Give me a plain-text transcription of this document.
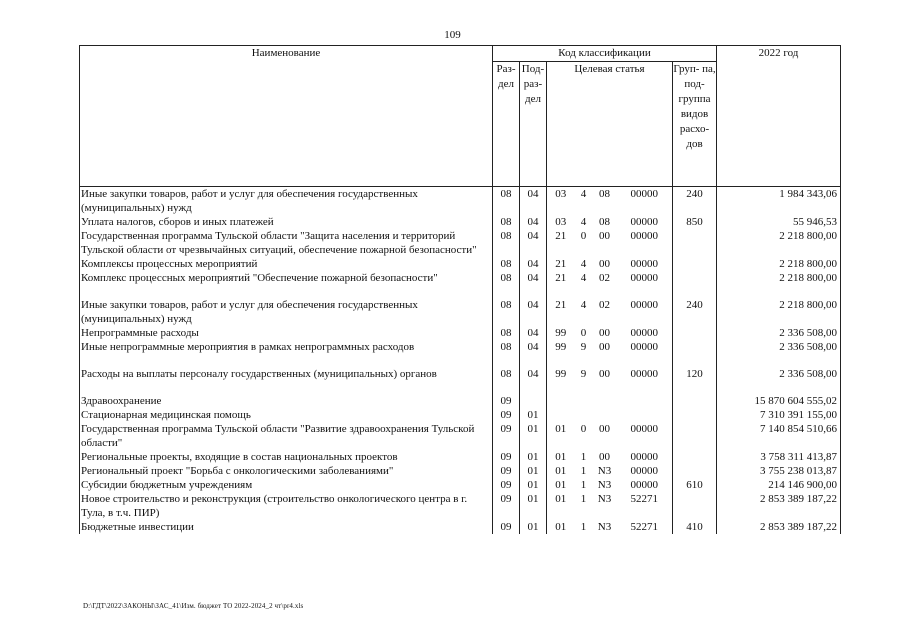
109
Наименование	Код классификации							2022 год
	Раз- дел	Под- раз- дел	Целевая статья				Груп- па, под- группа видов расхо- дов	
Иные закупки товаров, работ и услуг для обеспечения государственных (муниципальных) нужд	08	04	03	4	08	00000	240	1 984 343,06
Уплата налогов, сборов и иных платежей	08	04	03	4	08	00000	850	55 946,53
Государственная программа Тульской области "Защита населения и территорий Тульской области от чрезвычайных ситуаций, обеспечение пожарной безопасности"	08	04	21	0	00	00000		2 218 800,00
Комплексы процессных мероприятий	08	04	21	4	00	00000		2 218 800,00
Комплекс процессных мероприятий "Обеспечение пожарной безопасности"	08	04	21	4	02	00000		2 218 800,00

Иные закупки товаров, работ и услуг для обеспечения государственных (муниципальных) нужд	08	04	21	4	02	00000	240	2 218 800,00
Непрограммные расходы	08	04	99	0	00	00000		2 336 508,00
Иные непрограммные мероприятия в рамках непрограммных расходов	08	04	99	9	00	00000		2 336 508,00

Расходы на выплаты персоналу государственных (муниципальных) органов	08	04	99	9	00	00000	120	2 336 508,00

Здравоохранение	09							15 870 604 555,02
Стационарная медицинская помощь	09	01						7 310 391 155,00
Государственная программа Тульской области "Развитие здравоохранения Тульской области"	09	01	01	0	00	00000		7 140 854 510,66
Региональные проекты, входящие в состав национальных проектов	09	01	01	1	00	00000		3 758 311 413,87
Региональный проект "Борьба с онкологическими заболеваниями"	09	01	01	1	N3	00000		3 755 238 013,87
Субсидии бюджетным учреждениям	09	01	01	1	N3	00000	610	214 146 900,00
Новое строительство и реконструкция (строительство онкологического центра в г. Тула, в т.ч. ПИР)	09	01	01	1	N3	52271		2 853 389 187,22
Бюджетные инвестиции	09	01	01	1	N3	52271	410	2 853 389 187,22
D:\ГДТ\2022\ЗАКОНЫ\ЗАС_41\Изм. бюджет ТО 2022-2024_2 чт\pr4.xls
